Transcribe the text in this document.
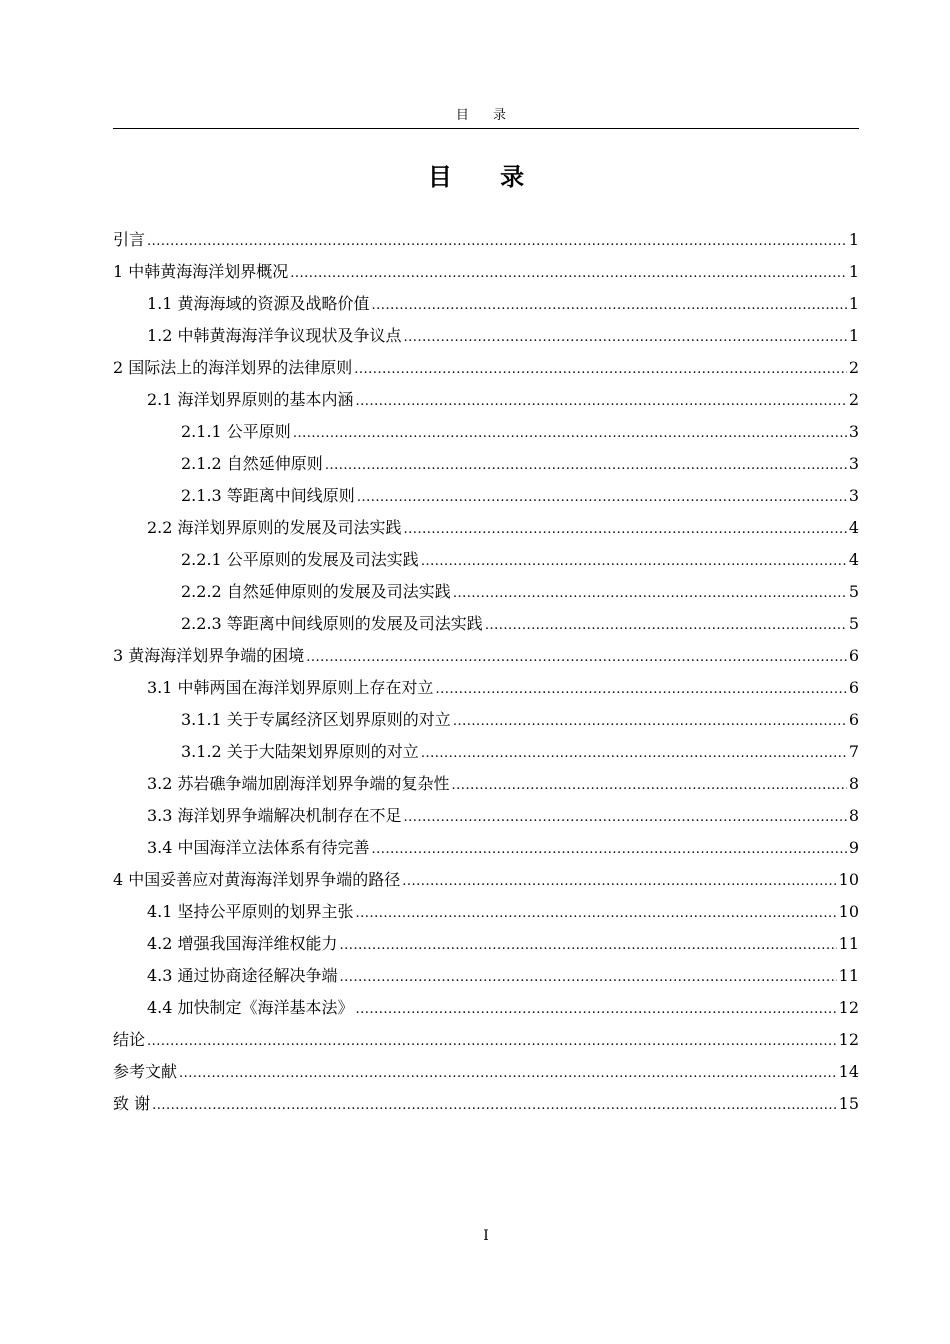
目 录
目 录
引言 .....	1
1 中韩黄海海洋划界概况 .....	1
1.1 黄海海域的资源及战略价值 .....	1
1.2 中韩黄海海洋争议现状及争议点 .....	1
2 国际法上的海洋划界的法律原则 .....	2
2.1 海洋划界原则的基本内涵 .....	2
2.1.1 公平原则 .....	3
2.1.2 自然延伸原则 .....	3
2.1.3 等距离中间线原则 .....	3
2.2 海洋划界原则的发展及司法实践 .....	4
2.2.1 公平原则的发展及司法实践 .....	4
2.2.2 自然延伸原则的发展及司法实践 .....	5
2.2.3 等距离中间线原则的发展及司法实践 .....	5
3 黄海海洋划界争端的困境 .....	6
3.1 中韩两国在海洋划界原则上存在对立 .....	6
3.1.1 关于专属经济区划界原则的对立 .....	6
3.1.2 关于大陆架划界原则的对立 .....	7
3.2 苏岩礁争端加剧海洋划界争端的复杂性 .....	8
3.3 海洋划界争端解决机制存在不足 .....	8
3.4 中国海洋立法体系有待完善 .....	9
4 中国妥善应对黄海海洋划界争端的路径 .....	10
4.1 坚持公平原则的划界主张 .....	10
4.2 增强我国海洋维权能力 .....	11
4.3 通过协商途径解决争端 .....	11
4.4 加快制定《海洋基本法》 .....	12
结论 .....	12
参考文献 .....	14
致 谢 .....	15
I
